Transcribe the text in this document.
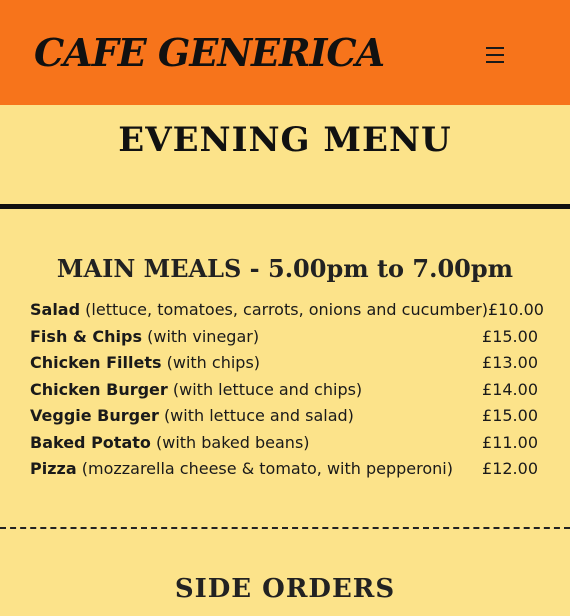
CAFE GENERICA
EVENING MENU
MAIN MEALS - 5.00pm to 7.00pm
Salad (lettuce, tomatoes, carrots, onions and cucumber) £10.00
Fish & Chips (with vinegar)	£15.00
Chicken Fillets (with chips)	£13.00
Chicken Burger (with lettuce and chips)	£14.00
Veggie Burger (with lettuce and salad)	£15.00
Baked Potato (with baked beans)	£11.00
Pizza (mozzarella cheese & tomato, with pepperoni) £12.00
SIDE ORDERS
